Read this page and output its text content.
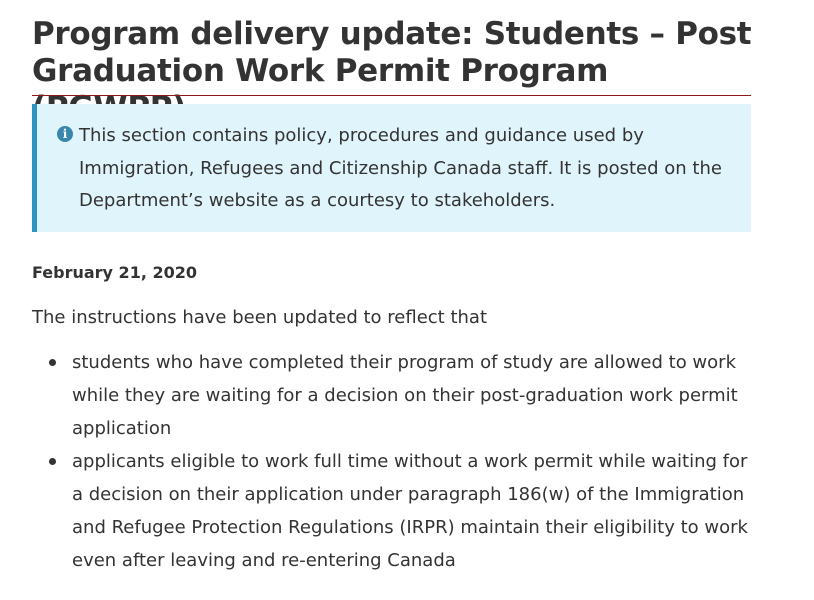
Program delivery update: Students – Post Graduation Work Permit Program
i This section contains policy, procedures and guidance used by Immigration, Refugees and Citizenship Canada staff. It is posted on the Department’s website as a courtesy to stakeholders.

February 21, 2020

The instructions have been updated to reflect that

students who have completed their program of study are allowed to work while they are waiting for a decision on their post-graduation work permit application
applicants eligible to work full time without a work permit while waiting for a decision on their application under paragraph 186(w) of the Immigration and Refugee Protection Regulations (IRPR) maintain their eligibility to work even after leaving and re-entering Canada
